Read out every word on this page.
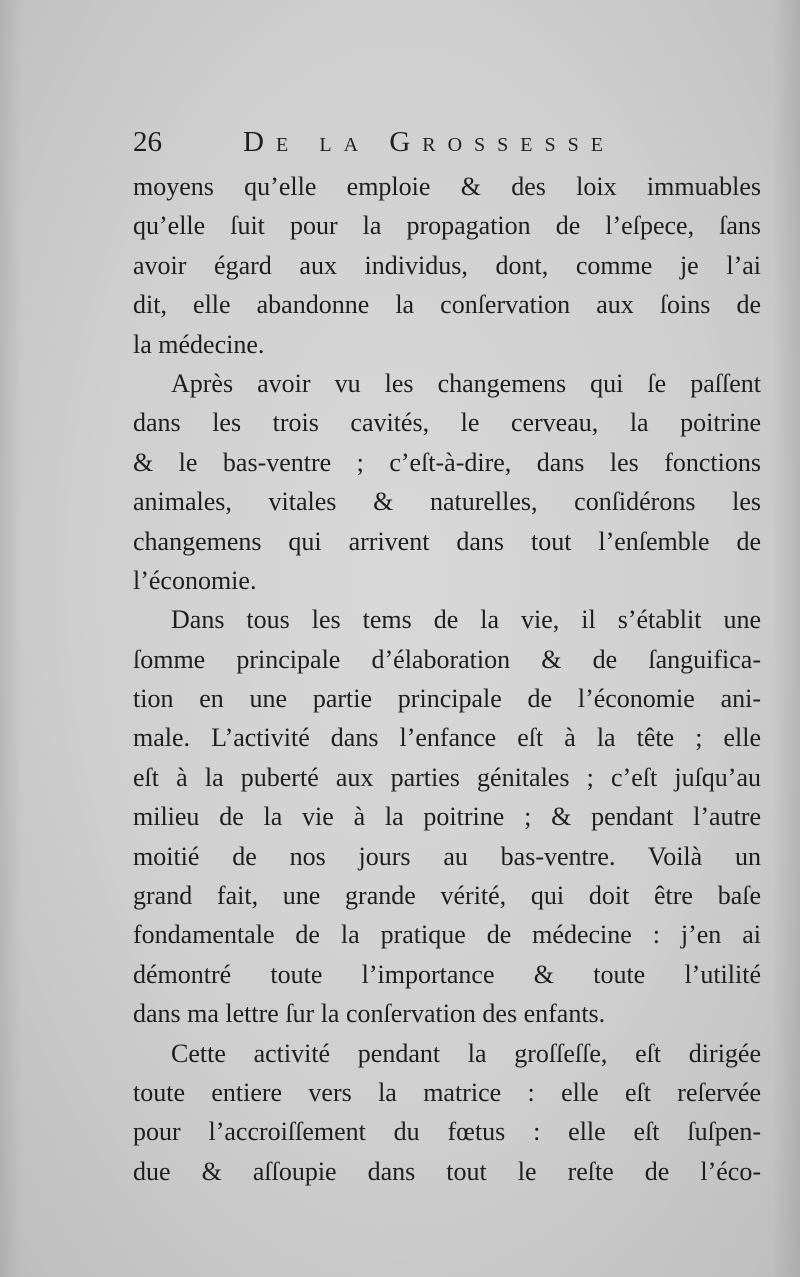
26	De la Grossesse
moyens qu’elle emploie & des loix immuables
qu’elle ſuit pour la propagation de l’eſpece, ſans
avoir égard aux individus, dont, comme je l’ai
dit, elle abandonne la conſervation aux ſoins de
la médecine.
Après avoir vu les changemens qui ſe paſſent
dans les trois cavités, le cerveau, la poitrine
& le bas-ventre ; c’eſt-à-dire, dans les fonctions
animales, vitales & naturelles, conſidérons les
changemens qui arrivent dans tout l’enſemble de
l’économie.
Dans tous les tems de la vie, il s’établit une
ſomme principale d’élaboration & de ſanguifica-
tion en une partie principale de l’économie ani-
male. L’activité dans l’enfance eſt à la tête ; elle
eſt à la puberté aux parties génitales ; c’eſt juſqu’au
milieu de la vie à la poitrine ; & pendant l’autre
moitié de nos jours au bas-ventre. Voilà un
grand fait, une grande vérité, qui doit être baſe
fondamentale de la pratique de médecine : j’en ai
démontré toute l’importance & toute l’utilité
dans ma lettre ſur la conſervation des enfants.
Cette activité pendant la groſſeſſe, eſt dirigée
toute entiere vers la matrice : elle eſt reſervée
pour l’accroiſſement du fœtus : elle eſt ſuſpen-
due & aſſoupie dans tout le reſte de l’éco-
